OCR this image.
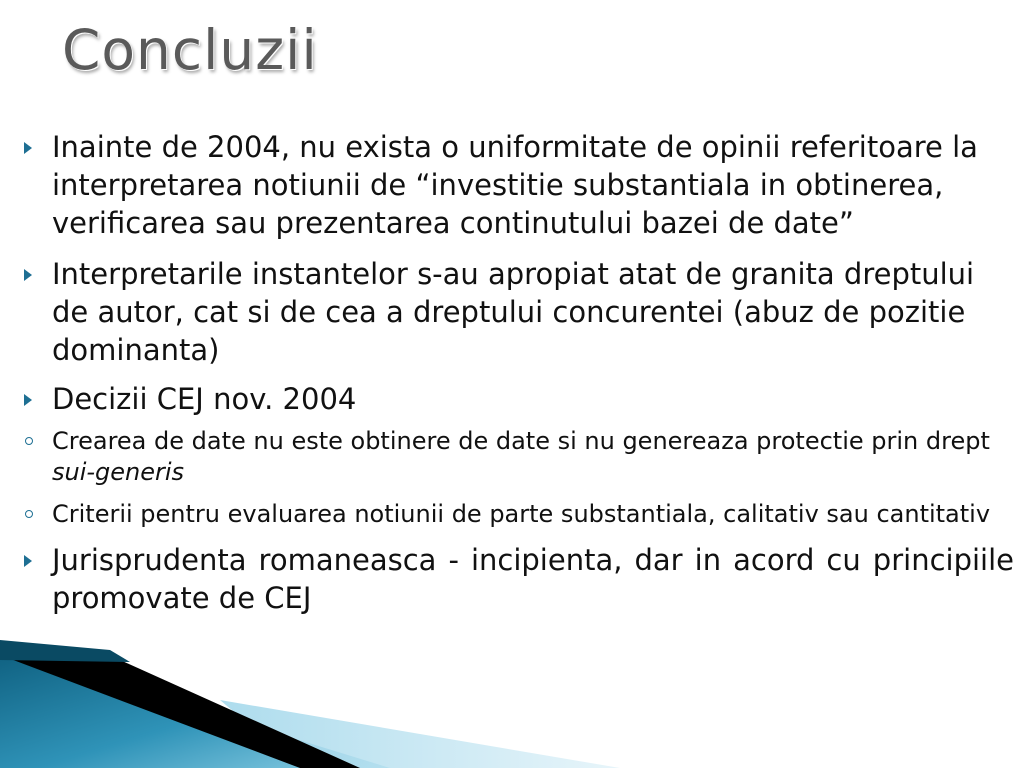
Concluzii
Inainte de 2004, nu exista o uniformitate de opinii referitoare la interpretarea notiunii de “investitie substantiala in obtinerea, verificarea sau prezentarea continutului bazei de date”
Interpretarile instantelor s-au apropiat atat de granita dreptului de autor, cat si de cea a dreptului concurentei (abuz de pozitie dominanta)
Decizii CEJ nov. 2004
Crearea de date nu este obtinere de date si nu genereaza protectie prin drept sui-generis
Criterii pentru evaluarea notiunii de parte substantiala, calitativ sau cantitativ
Jurisprudenta romaneasca - incipienta, dar in acord cu principiile promovate de CEJ
